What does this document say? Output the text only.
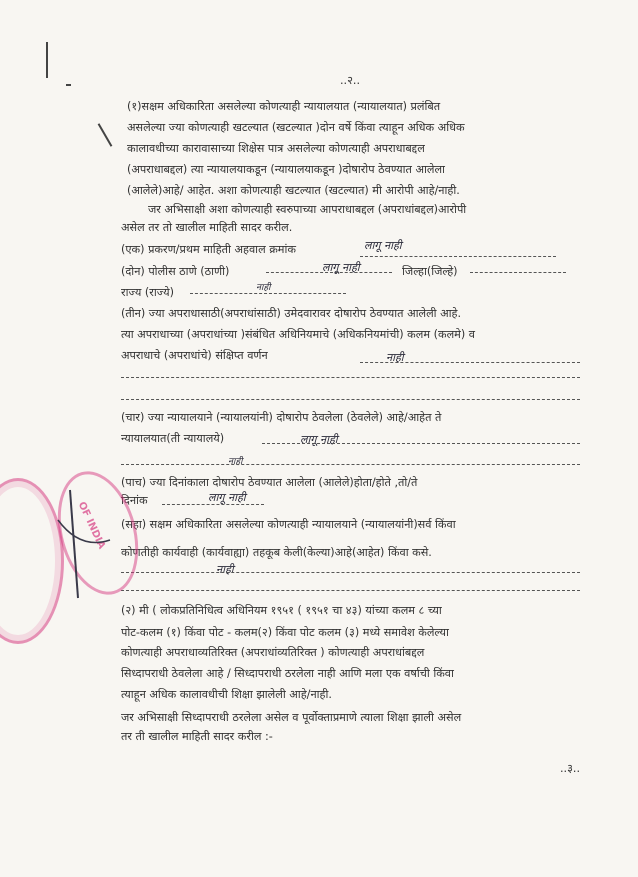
..२..
(१)सक्षम अधिकारिता असलेल्या कोणत्याही न्यायालयात (न्यायालयात) प्रलंबित
असलेल्या ज्या कोणत्याही खटल्यात (खटल्यात )दोन वर्षे किंवा त्याहून अधिक अधिक
कालावधीच्या कारावासाच्या शिक्षेस पात्र असलेल्या कोणत्याही अपराधाबद्दल
(अपराधाबद्दल) त्या न्यायालयाकडून (न्यायालयाकडून )दोषारोप ठेवण्यात आलेला
(आलेले)आहे/ आहेत. अशा कोणत्याही खटल्यात (खटल्यात) मी आरोपी आहे/नाही.
जर अभिसाक्षी अशा कोणत्याही स्वरुपाच्या आपराधाबद्दल (अपराधांबद्दल)आरोपी
असेल तर तो खालील माहिती सादर करील.
(एक) प्रकरण/प्रथम माहिती अहवाल क्रमांक	लागू नाही
(दोन) पोलीस ठाणे (ठाणी)	लागू नाही	जिल्हा(जिल्हे)
राज्य (राज्ये)	नाही
(तीन) ज्या अपराधासाठी(अपराधांसाठी) उमेदवारावर दोषारोप ठेवण्यात आलेली आहे.
त्या अपराधाच्या (अपराधांच्या )संबंधित अधिनियमाचे (अधिकनियमांची) कलम (कलमे) व
अपराधाचे (अपराधांचे) संक्षिप्त वर्णन	नाही
(चार) ज्या न्यायालयाने (न्यायालयांनी) दोषारोप ठेवलेला (ठेवलेले) आहे/आहेत ते
न्यायालयात(ती न्यायालये)	लागू नाही
नाही
(पाच) ज्या दिनांकाला दोषारोप ठेवण्यात आलेला (आलेले)होता/होते ,तो/ते
दिनांक	लागू नाही
(सहा) सक्षम अधिकारिता असलेल्या कोणत्याही न्यायालयाने (न्यायालयांनी)सर्व किंवा
कोणतीही कार्यवाही (कार्यवाह्या) तहकूब केली(केल्या)आहे(आहेत) किंवा कसे.
नाही
(२) मी ( लोकप्रतिनिधित्व अधिनियम १९५१ ( १९५१ चा ४३) यांच्या कलम ८ च्या
पोट-कलम (१) किंवा पोट - कलम(२) किंवा पोट कलम (३) मध्ये समावेश केलेल्या
कोणत्याही अपराधाव्यतिरिक्त (अपराधांव्यतिरिक्त ) कोणत्याही अपराधांबद्दल
सिध्दापराधी ठेवलेला आहे / सिध्दापराधी ठरलेला नाही आणि मला एक वर्षाची किंवा
त्याहून अधिक कालावधीची शिक्षा झालेली आहे/नाही.
जर अभिसाक्षी सिध्दापराधी ठरलेला असेल व पूर्वोक्ताप्रमाणे त्याला शिक्षा झाली असेल
तर ती खालील माहिती सादर करील :-
..३..
OF INDIA
